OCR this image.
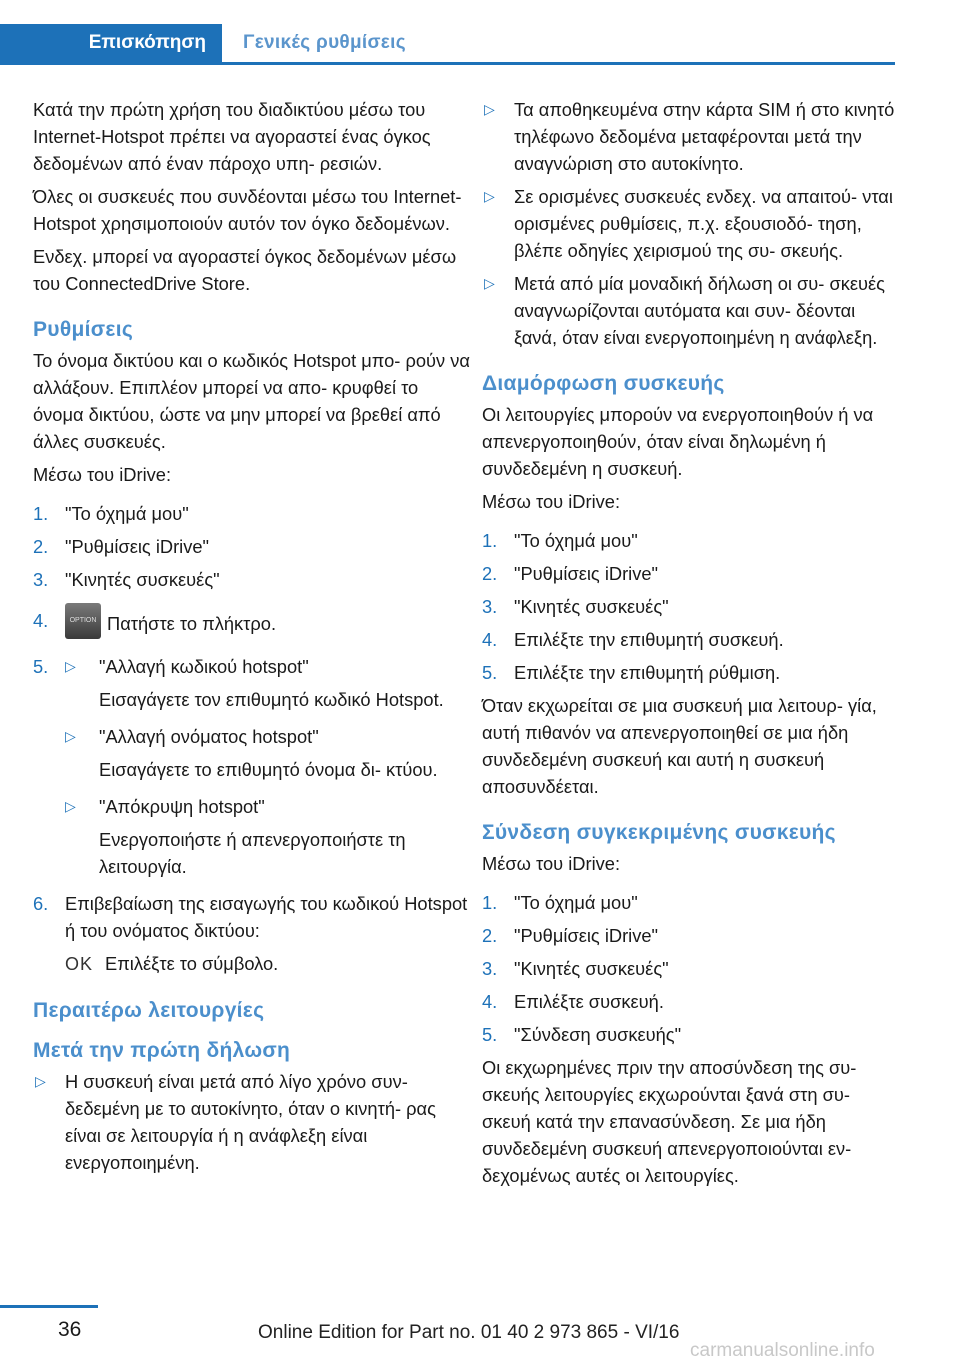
Επισκόπηση	Γενικές ρυθμίσεις

Κατά την πρώτη χρήση του διαδικτύου μέσω του Internet-Hotspot πρέπει να αγοραστεί ένας όγκος δεδομένων από έναν πάροχο υπη‐ ρεσιών.

Όλες οι συσκευές που συνδέονται μέσω του Internet-Hotspot χρησιμοποιούν αυτόν τον όγκο δεδομένων.

Ενδεχ. μπορεί να αγοραστεί όγκος δεδομένων μέσω του ConnectedDrive Store.

Ρυθμίσεις

Το όνομα δικτύου και ο κωδικός Hotspot μπο‐ ρούν να αλλάξουν. Επιπλέον μπορεί να απο‐ κρυφθεί το όνομα δικτύου, ώστε να μην μπορεί να βρεθεί από άλλες συσκευές.

Μέσω του iDrive:

1. "Το όχημά μου"
2. "Ρυθμίσεις iDrive"
3. "Κινητές συσκευές"
4.	OPTION Πατήστε το πλήκτρο.
5. ▷ "Αλλαγή κωδικού hotspot"
Εισαγάγετε τον επιθυμητό κωδικό Hotspot.
▷ "Αλλαγή ονόματος hotspot"
Εισαγάγετε το επιθυμητό όνομα δι‐ κτύου.
▷ "Απόκρυψη hotspot"
Ενεργοποιήστε ή απενεργοποιήστε τη λειτουργία.
6. Επιβεβαίωση της εισαγωγής του κωδικού Hotspot ή του ονόματος δικτύου:
OK Επιλέξτε το σύμβολο.
Περαιτέρω λειτουργίες
Μετά την πρώτη δήλωση
▷ Η συσκευή είναι μετά από λίγο χρόνο συν‐ δεδεμένη με το αυτοκίνητο, όταν ο κινητή‐ ρας είναι σε λειτουργία ή η ανάφλεξη είναι ενεργοποιημένη.
▷ Τα αποθηκευμένα στην κάρτα SIM ή στο κινητό τηλέφωνο δεδομένα μεταφέρονται μετά την αναγνώριση στο αυτοκίνητο.
▷ Σε ορισμένες συσκευές ενδεχ. να απαιτού‐ νται ορισμένες ρυθμίσεις, π.χ. εξουσιοδό‐ τηση, βλέπε οδηγίες χειρισμού της συ‐ σκευής.
▷ Μετά από μία μοναδική δήλωση οι συ‐ σκευές αναγνωρίζονται αυτόματα και συν‐ δέονται ξανά, όταν είναι ενεργοποιημένη η ανάφλεξη.
Διαμόρφωση συσκευής

Οι λειτουργίες μπορούν να ενεργοποιηθούν ή να απενεργοποιηθούν, όταν είναι δηλωμένη ή συνδεδεμένη η συσκευή.

Μέσω του iDrive:

1. "Το όχημά μου"
2. "Ρυθμίσεις iDrive"
3. "Κινητές συσκευές"
4. Επιλέξτε την επιθυμητή συσκευή.
5. Επιλέξτε την επιθυμητή ρύθμιση.

Όταν εκχωρείται σε μια συσκευή μια λειτουρ‐ γία, αυτή πιθανόν να απενεργοποιηθεί σε μια ήδη συνδεδεμένη συσκευή και αυτή η συσκευή αποσυνδέεται.

Σύνδεση συγκεκριμένης συσκευής

Μέσω του iDrive:

1. "Το όχημά μου"
2. "Ρυθμίσεις iDrive"
3. "Κινητές συσκευές"
4. Επιλέξτε συσκευή.
5. "Σύνδεση συσκευής"

Οι εκχωρημένες πριν την αποσύνδεση της συ‐ σκευής λειτουργίες εκχωρούνται ξανά στη συ‐ σκευή κατά την επανασύνδεση. Σε μια ήδη συνδεδεμένη συσκευή απενεργοποιούνται εν‐ δεχομένως αυτές οι λειτουργίες.

36	Online Edition for Part no. 01 40 2 973 865 - VI/16
carmanualsonline.info
